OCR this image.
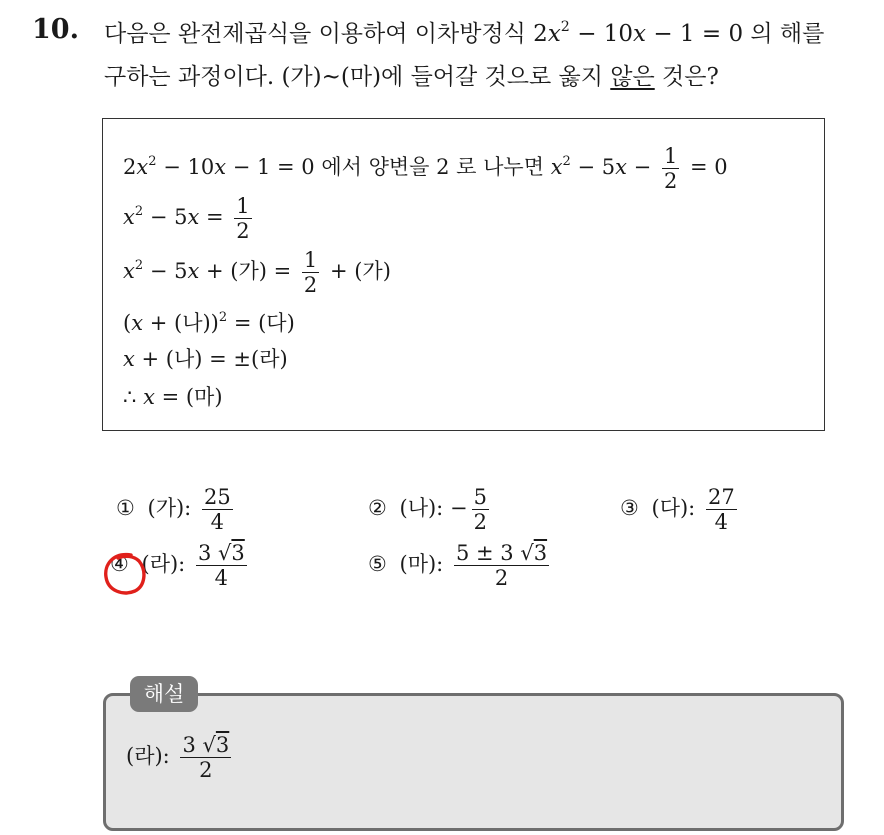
10. 다음은 완전제곱식을 이용하여 이차방정식 $2x^2 - 10x - 1 = 0$ 의 해를
구하는 과정이다. (가)~(마)에 들어갈 것으로 옳지 않은 것은?
$2x^2 - 10x - 1 = 0$ 에서 양변을 2 로 나누면 $x^2 - 5x - \frac{1}{2} = 0$
$x^2 - 5x = \frac{1}{2}$
$x^2 - 5x$ + (가) = $\frac{1}{2}$ + (가)
(x + (나))$^2$ = (다)
x + (나) = ±(라)
∴ x = (마)
① (가): $\frac{25}{4}$	② (나): − $\frac{5}{2}$	③ (다): $\frac{27}{4}$
④ (라): $\frac{3 √3}{4}$	⑤ (마): $\frac{5 \pm 3 √3}{2}$
해설
(라): $\frac{3 √3}{2}$
